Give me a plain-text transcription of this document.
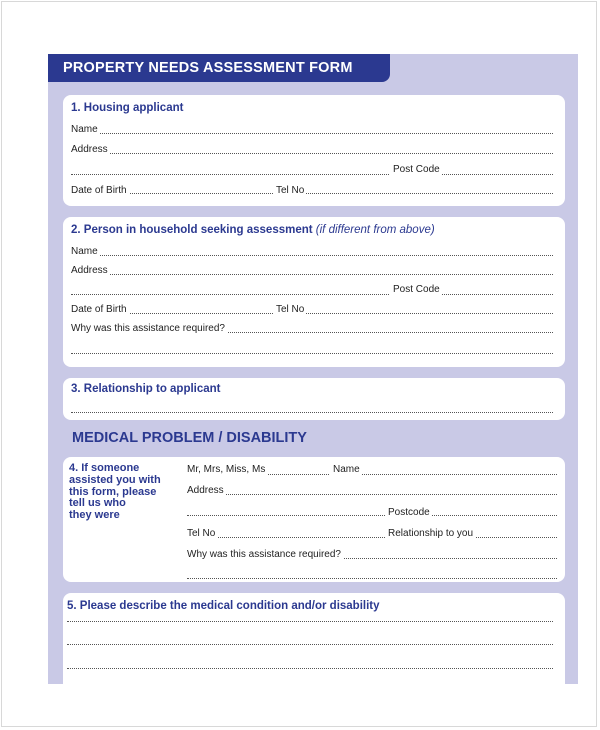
PROPERTY NEEDS ASSESSMENT FORM
1. Housing applicant
Name
Address
Post Code
Date of Birth	Tel No
2. Person in household seeking assessment (if different from above)
Name
Address
Post Code
Date of Birth	Tel No
Why was this assistance required?
3. Relationship to applicant
MEDICAL PROBLEM / DISABILITY
4. If someone
assisted you with
this form, please
tell us who
they were
Mr, Mrs, Miss, Ms	Name
Address
Postcode
Tel No	Relationship to you
Why was this assistance required?
5. Please describe the medical condition and/or disability
